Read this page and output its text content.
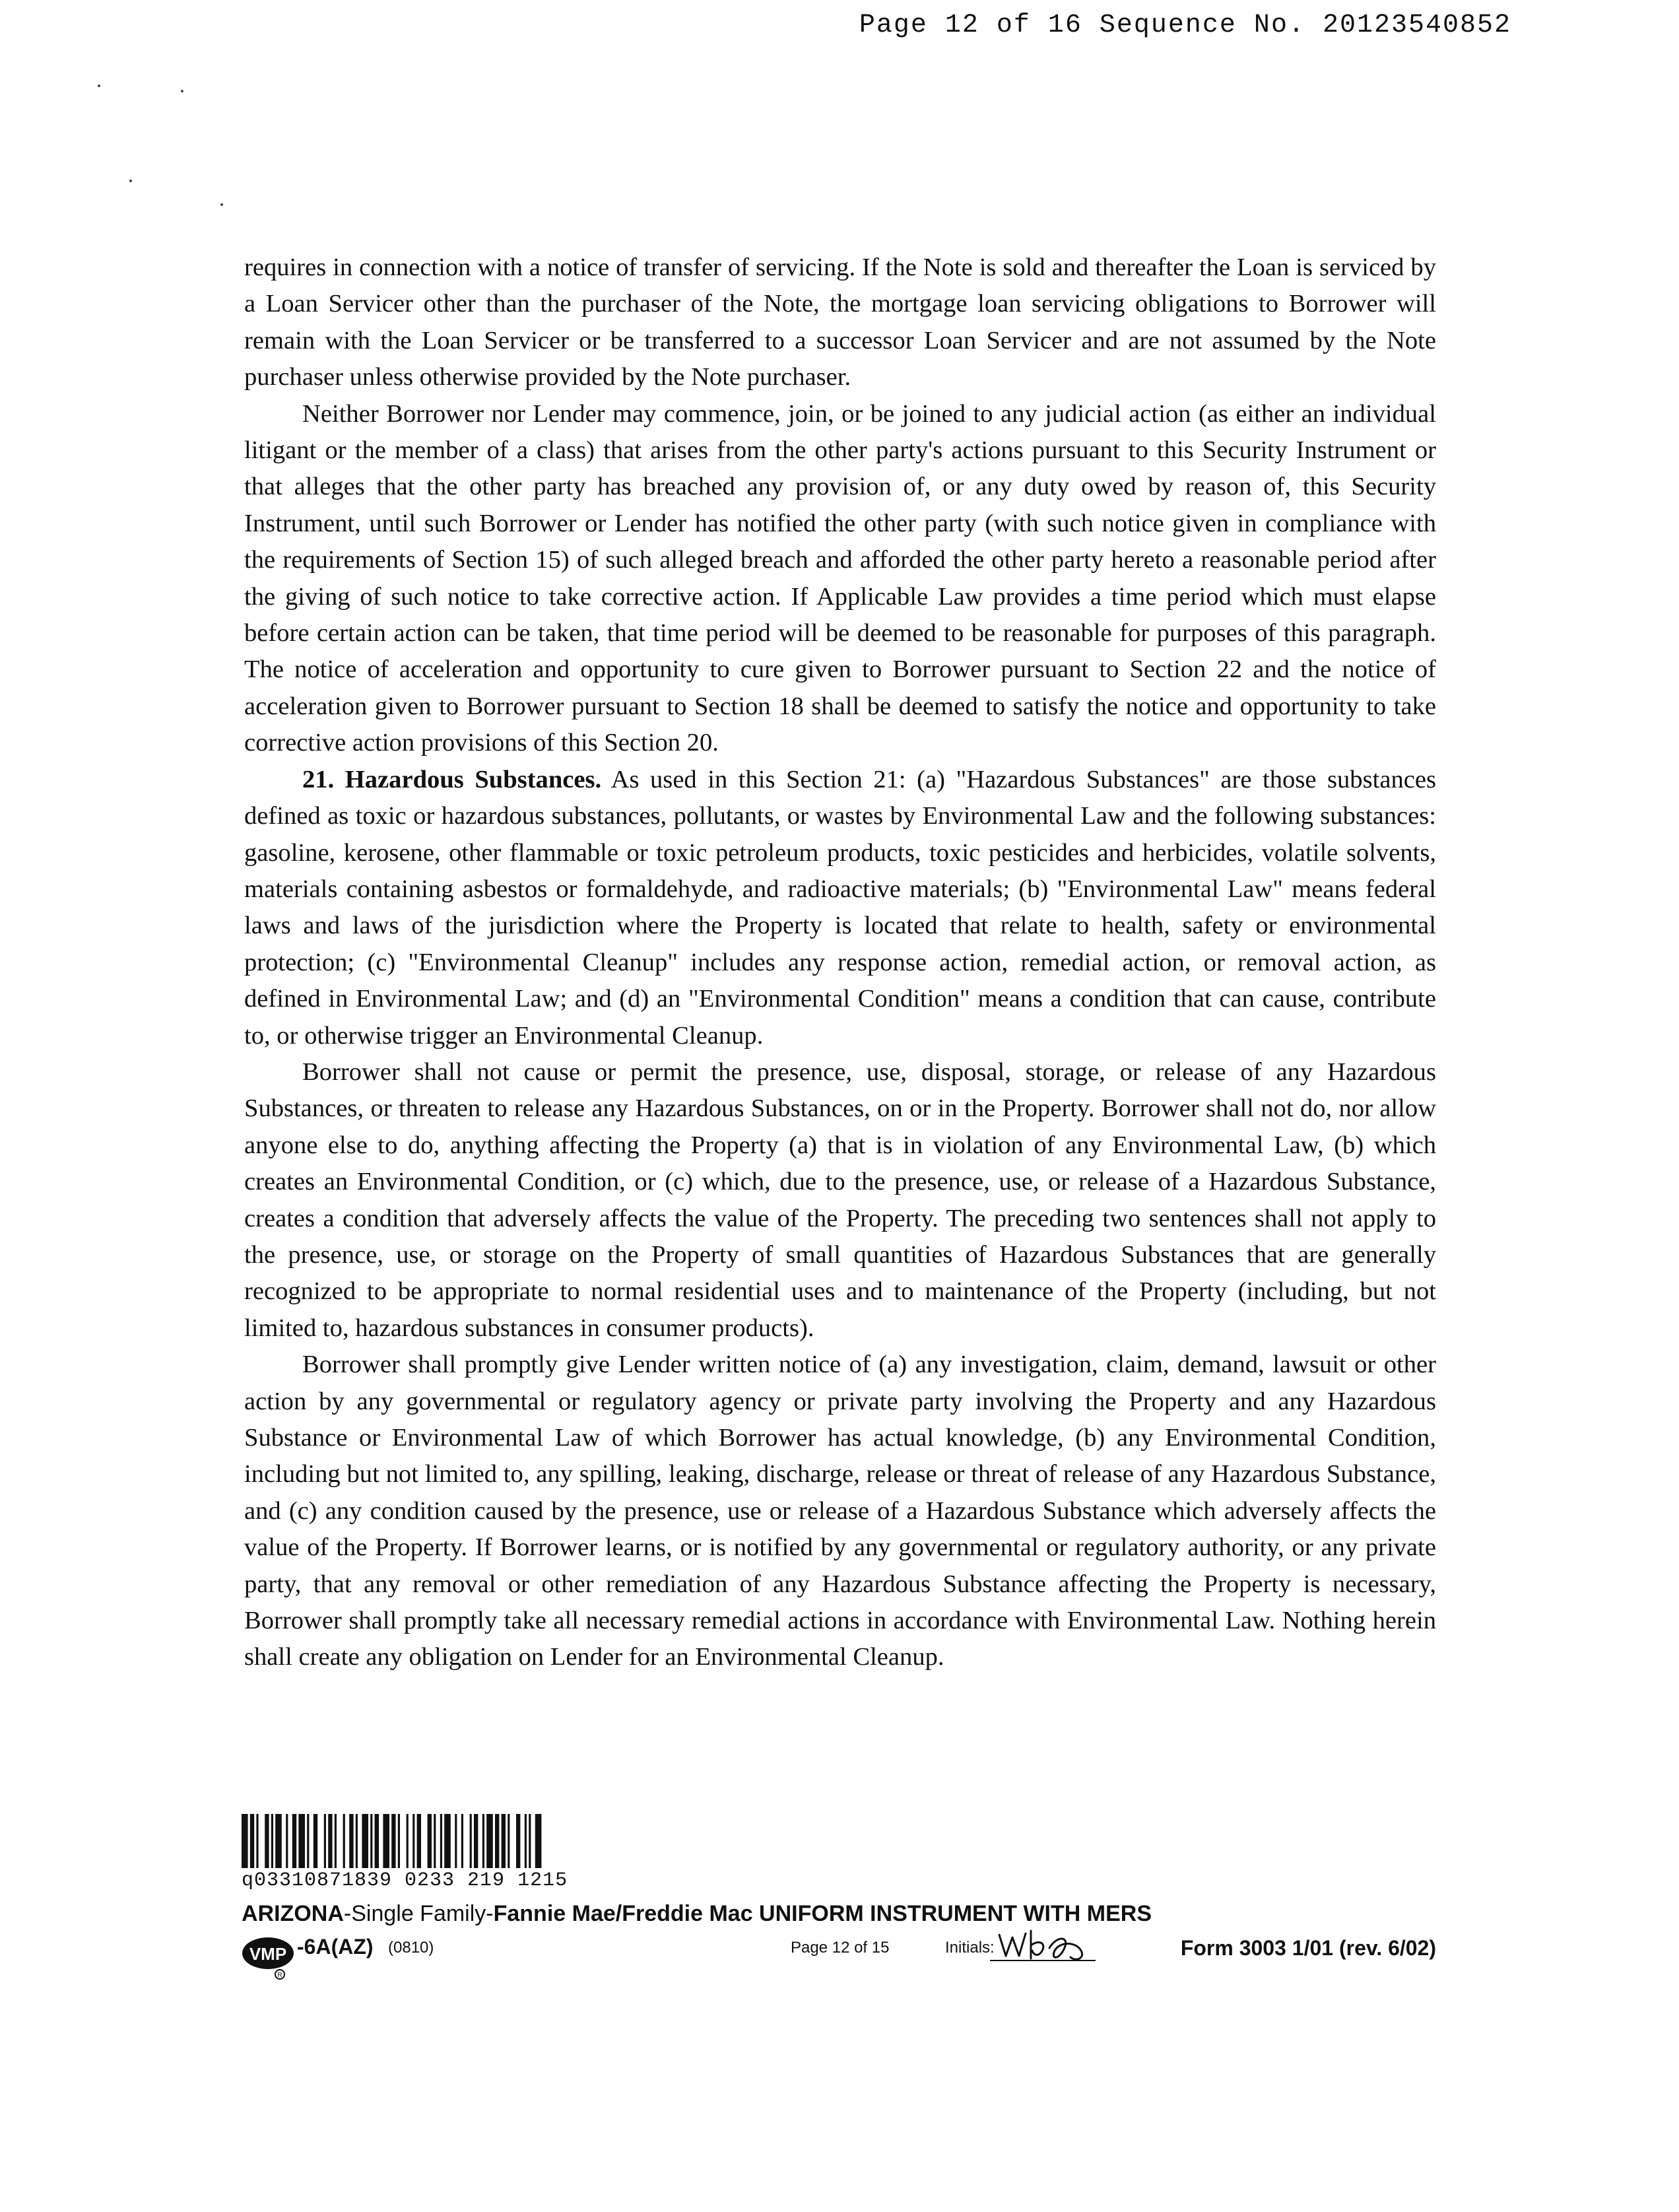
Page 12 of 16 Sequence No. 20123540852

requires in connection with a notice of transfer of servicing. If the Note is sold and thereafter the Loan is serviced by a Loan Servicer other than the purchaser of the Note, the mortgage loan servicing obligations to Borrower will remain with the Loan Servicer or be transferred to a successor Loan Servicer and are not assumed by the Note purchaser unless otherwise provided by the Note purchaser.

Neither Borrower nor Lender may commence, join, or be joined to any judicial action (as either an individual litigant or the member of a class) that arises from the other party's actions pursuant to this Security Instrument or that alleges that the other party has breached any provision of, or any duty owed by reason of, this Security Instrument, until such Borrower or Lender has notified the other party (with such notice given in compliance with the requirements of Section 15) of such alleged breach and afforded the other party hereto a reasonable period after the giving of such notice to take corrective action. If Applicable Law provides a time period which must elapse before certain action can be taken, that time period will be deemed to be reasonable for purposes of this paragraph. The notice of acceleration and opportunity to cure given to Borrower pursuant to Section 22 and the notice of acceleration given to Borrower pursuant to Section 18 shall be deemed to satisfy the notice and opportunity to take corrective action provisions of this Section 20.

21. Hazardous Substances. As used in this Section 21: (a) "Hazardous Substances" are those substances defined as toxic or hazardous substances, pollutants, or wastes by Environmental Law and the following substances: gasoline, kerosene, other flammable or toxic petroleum products, toxic pesticides and herbicides, volatile solvents, materials containing asbestos or formaldehyde, and radioactive materials; (b) "Environmental Law" means federal laws and laws of the jurisdiction where the Property is located that relate to health, safety or environmental protection; (c) "Environmental Cleanup" includes any response action, remedial action, or removal action, as defined in Environmental Law; and (d) an "Environmental Condition" means a condition that can cause, contribute to, or otherwise trigger an Environmental Cleanup.

Borrower shall not cause or permit the presence, use, disposal, storage, or release of any Hazardous Substances, or threaten to release any Hazardous Substances, on or in the Property. Borrower shall not do, nor allow anyone else to do, anything affecting the Property (a) that is in violation of any Environmental Law, (b) which creates an Environmental Condition, or (c) which, due to the presence, use, or release of a Hazardous Substance, creates a condition that adversely affects the value of the Property. The preceding two sentences shall not apply to the presence, use, or storage on the Property of small quantities of Hazardous Substances that are generally recognized to be appropriate to normal residential uses and to maintenance of the Property (including, but not limited to, hazardous substances in consumer products).

Borrower shall promptly give Lender written notice of (a) any investigation, claim, demand, lawsuit or other action by any governmental or regulatory agency or private party involving the Property and any Hazardous Substance or Environmental Law of which Borrower has actual knowledge, (b) any Environmental Condition, including but not limited to, any spilling, leaking, discharge, release or threat of release of any Hazardous Substance, and (c) any condition caused by the presence, use or release of a Hazardous Substance which adversely affects the value of the Property. If Borrower learns, or is notified by any governmental or regulatory authority, or any private party, that any removal or other remediation of any Hazardous Substance affecting the Property is necessary, Borrower shall promptly take all necessary remedial actions in accordance with Environmental Law. Nothing herein shall create any obligation on Lender for an Environmental Cleanup.

q03310871839 0233 219 1215
ARIZONA-Single Family-Fannie Mae/Freddie Mac UNIFORM INSTRUMENT WITH MERS
VMP
R
-6A(AZ) (0810)	Page 12 of 15	Initials:	Form 3003 1/01 (rev. 6/02)
